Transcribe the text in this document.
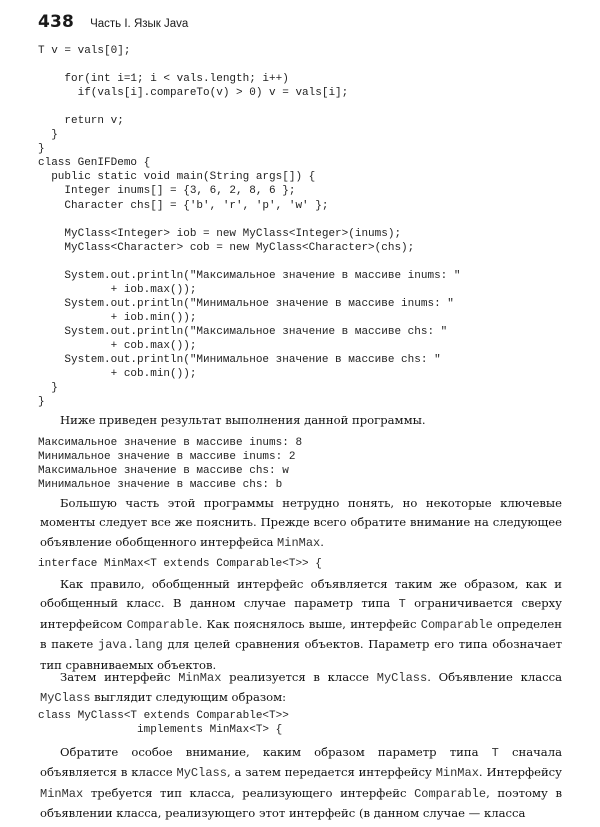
438 Часть I. Язык Java
T v = vals[0];

for(int i=1; i < vals.length; i++)
if(vals[i].compareTo(v) > 0) v = vals[i];

return v;
}
}
class GenIFDemo {
public static void main(String args[]) {
Integer inums[] = {3, 6, 2, 8, 6 };
Character chs[] = {'b', 'r', 'p', 'w' };

MyClass<Integer> iob = new MyClass<Integer>(inums);
MyClass<Character> cob = new MyClass<Character>(chs);

System.out.println("Максимальное значение в массиве inums: "
+ iob.max());
System.out.println("Минимальное значение в массиве inums: "
+ iob.min());
System.out.println("Максимальное значение в массиве chs: "
+ cob.max());
System.out.println("Минимальное значение в массиве chs: "
+ cob.min());
}
}

Ниже приведен результат выполнения данной программы.

Максимальное значение в массиве inums: 8
Минимальное значение в массиве inums: 2
Максимальное значение в массиве chs: w
Минимальное значение в массиве chs: b

Большую часть этой программы нетрудно понять, но некоторые ключевые моменты следует все же пояснить. Прежде всего обратите внимание на следующее объявление обобщенного интерфейса MinMax.

interface MinMax<T extends Comparable<T>> {

Как правило, обобщенный интерфейс объявляется таким же образом, как и обобщенный класс. В данном случае параметр типа T ограничивается сверху интерфейсом Comparable. Как пояснялось выше, интерфейс Comparable определен в пакете java.lang для целей сравнения объектов. Параметр его типа обозначает тип сравниваемых объектов.

Затем интерфейс MinMax реализуется в классе MyClass. Объявление класса MyClass выглядит следующим образом:

class MyClass<T extends Comparable<T>>
implements MinMax<T> {

Обратите особое внимание, каким образом параметр типа T сначала объявляется в классе MyClass, а затем передается интерфейсу MinMax. Интерфейсу MinMax требуется тип класса, реализующего интерфейс Comparable, поэтому в объявлении класса, реализующего этот интерфейс (в данном случае — класса
